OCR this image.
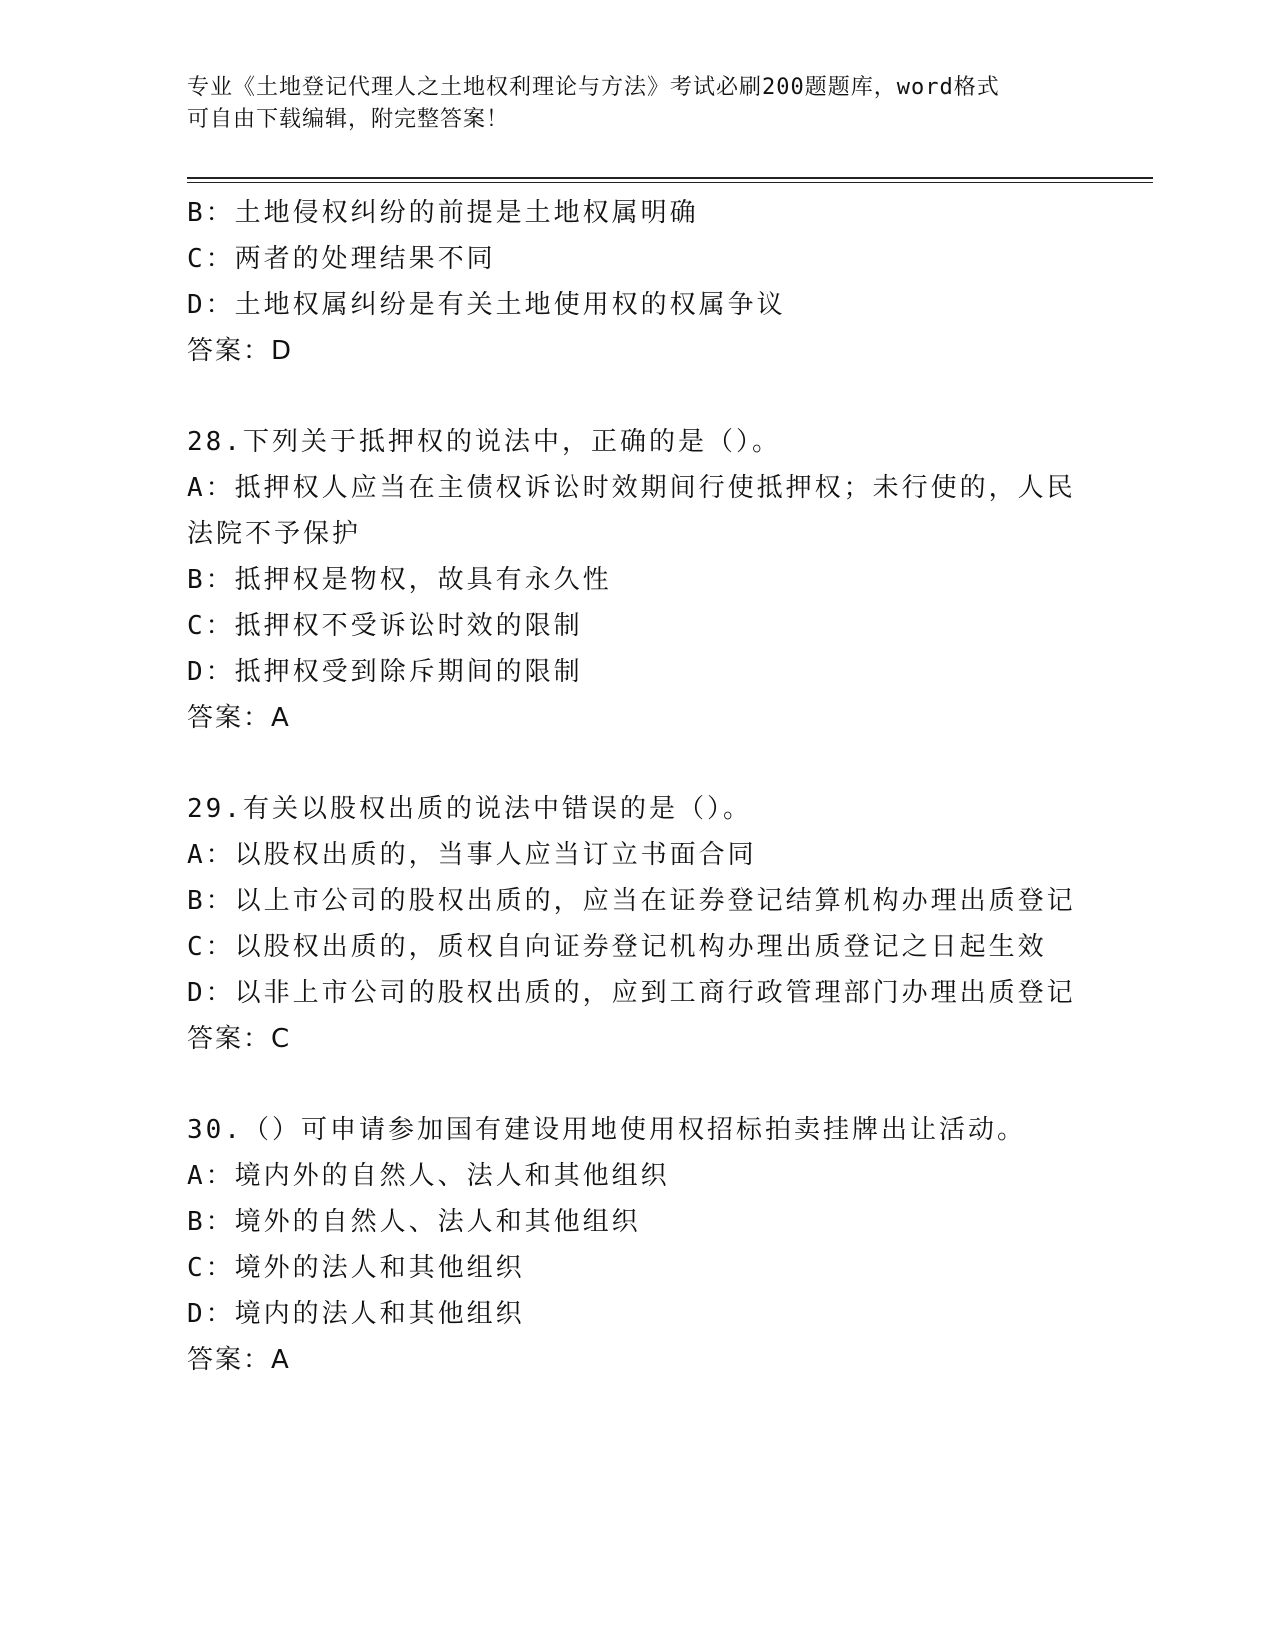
专业《土地登记代理人之土地权利理论与方法》考试必刷200题题库，word格式
可自由下载编辑，附完整答案！
B：土地侵权纠纷的前提是土地权属明确
C：两者的处理结果不同
D：土地权属纠纷是有关土地使用权的权属争议
答案：D
28.下列关于抵押权的说法中，正确的是（）。
A：抵押权人应当在主债权诉讼时效期间行使抵押权；未行使的，人民
法院不予保护
B：抵押权是物权，故具有永久性
C：抵押权不受诉讼时效的限制
D：抵押权受到除斥期间的限制
答案：A
29.有关以股权出质的说法中错误的是（）。
A：以股权出质的，当事人应当订立书面合同
B：以上市公司的股权出质的，应当在证券登记结算机构办理出质登记
C：以股权出质的，质权自向证券登记机构办理出质登记之日起生效
D：以非上市公司的股权出质的，应到工商行政管理部门办理出质登记
答案：C
30.（）可申请参加国有建设用地使用权招标拍卖挂牌出让活动。
A：境内外的自然人、法人和其他组织
B：境外的自然人、法人和其他组织
C：境外的法人和其他组织
D：境内的法人和其他组织
答案：A
